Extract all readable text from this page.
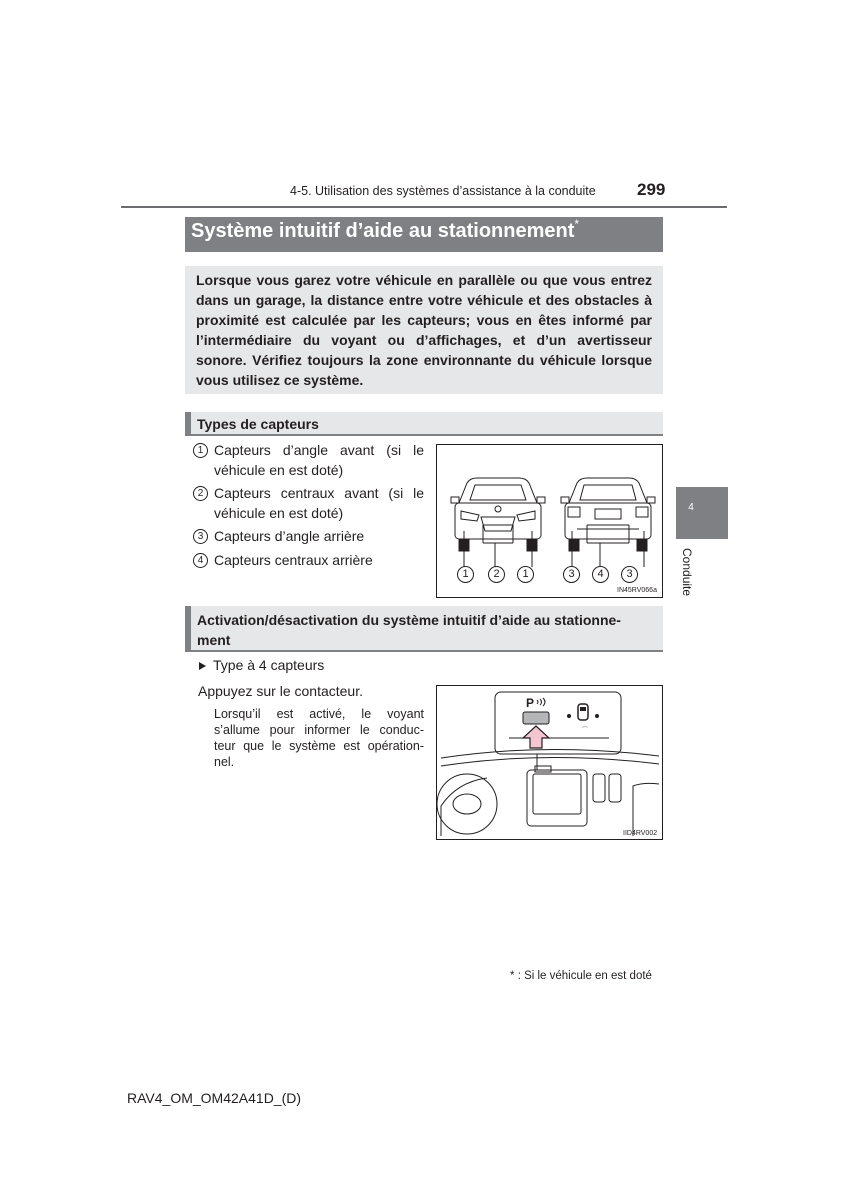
4-5. Utilisation des systèmes d’assistance à la conduite 299
Système intuitif d’aide au stationnement*
Lorsque vous garez votre véhicule en parallèle ou que vous entrez dans un garage, la distance entre votre véhicule et des obstacles à proximité est calculée par les capteurs; vous en êtes informé par l’intermédiaire du voyant ou d’affichages, et d’un avertisseur sonore. Vérifiez toujours la zone environnante du véhicule lorsque vous utilisez ce système.
Types de capteurs
1 Capteurs d’angle avant (si le véhicule en est doté)
2 Capteurs centraux avant (si le véhicule en est doté)
3 Capteurs d’angle arrière
4 Capteurs centraux arrière
1	2	1	3	4	3
IN45RV066a
Activation/désactivation du système intuitif d’aide au stationne-
ment
Type à 4 capteurs
Appuyez sur le contacteur.
Lorsqu’il est activé, le voyant
s’allume pour informer le conduc-
teur que le système est opération-
nel.
⌒
P
IID4RV002
4
Conduite
* : Si le véhicule en est doté
RAV4_OM_OM42A41D_(D)
